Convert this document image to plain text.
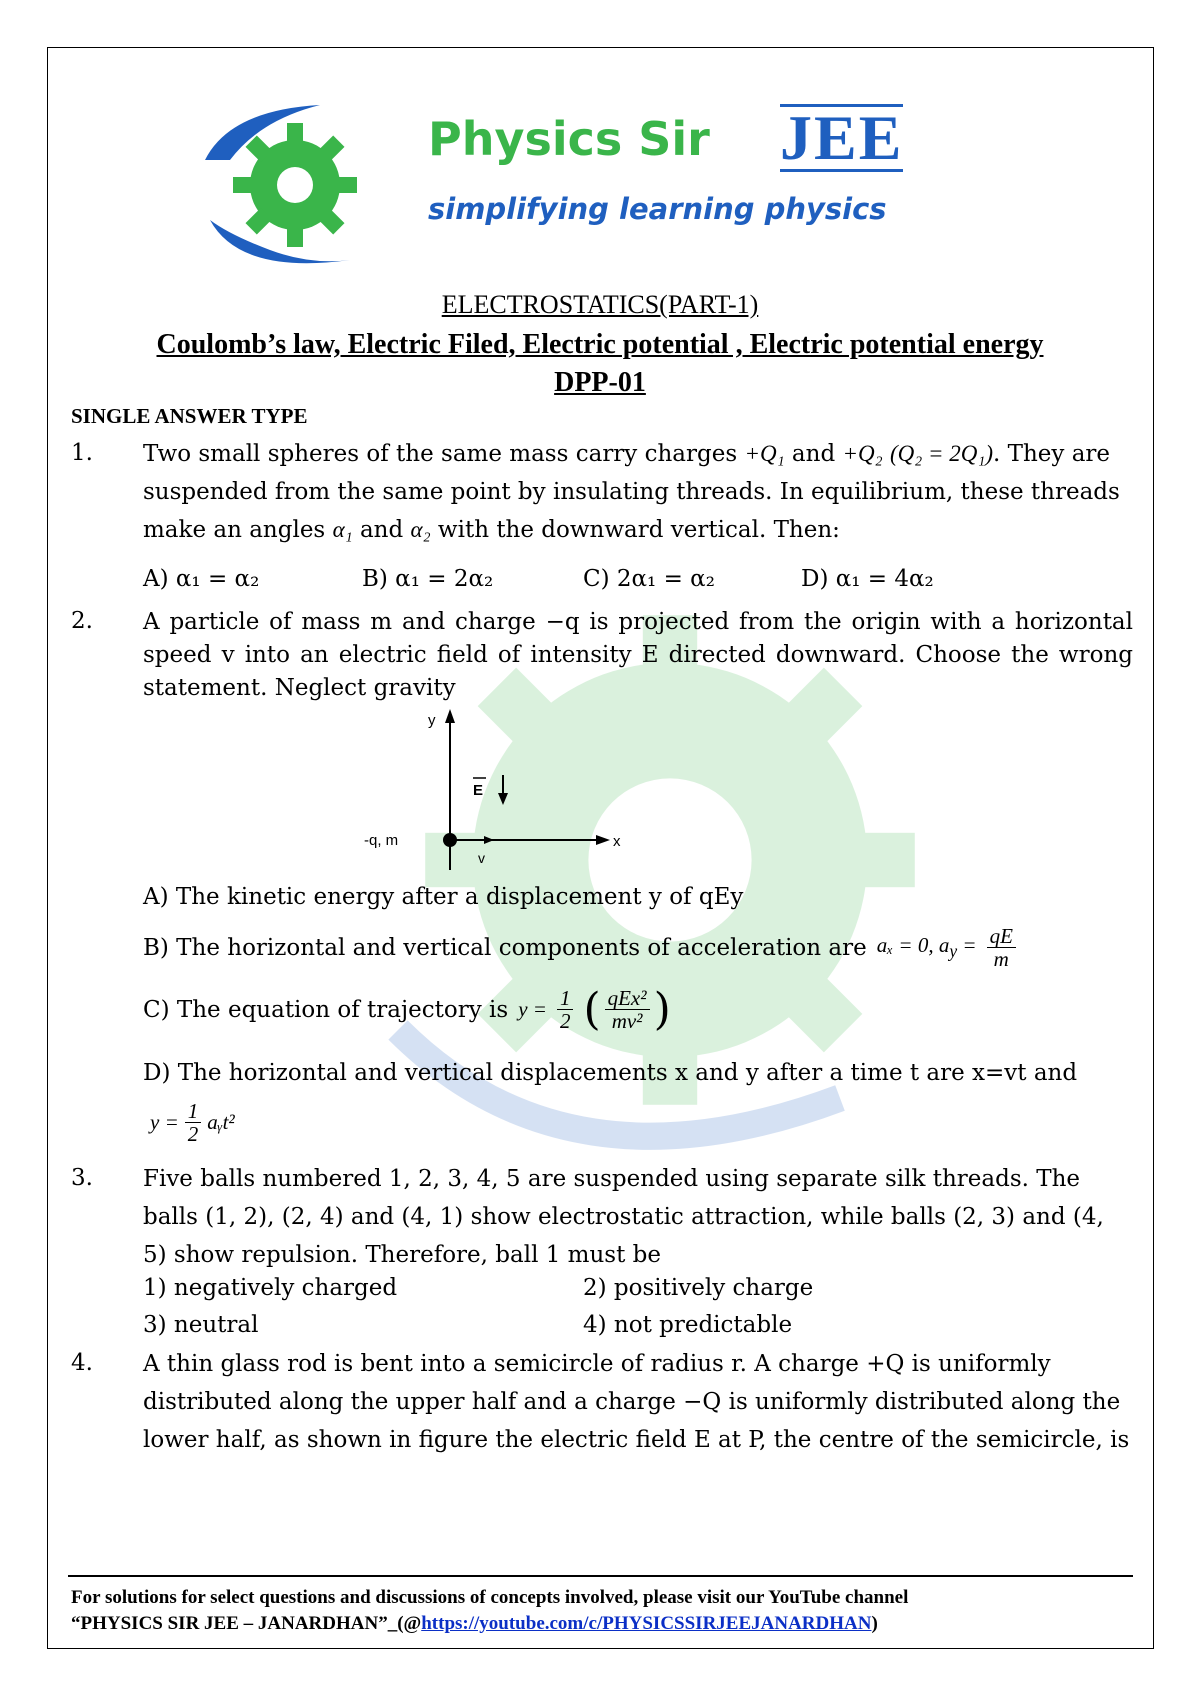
Physics Sir JEE
simplifying learning physics
ELECTROSTATICS(PART-1)
Coulomb’s law, Electric Filed, Electric potential , Electric potential energy
DPP-01
SINGLE ANSWER TYPE
1. Two small spheres of the same mass carry charges +Q₁ and +Q₂ (Q₂ = 2Q₁). They are
suspended from the same point by insulating threads. In equilibrium, these threads
make an angles α₁ and α₂ with the downward vertical. Then:
A) α₁ = α₂	B) α₁ = 2α₂	C) 2α₁ = α₂	D) α₁ = 4α₂
2. A particle of mass m and charge −q is projected from the origin with a horizontal speed v into an electric field of intensity E directed downward. Choose the wrong statement. Neglect gravity
y
x
-q, m
E
v
A) The kinetic energy after a displacement y of qEy
B) The horizontal and vertical components of acceleration are aₓ = 0, $a_y = \frac{qE}{m}$
C) The equation of trajectory is $y = \frac{1}{2}$ ( $\frac{\text{qEx²}}{\text{mv²}}$ )
D) The horizontal and vertical displacements x and y after a time t are x=vt and
$y = \frac{1}{2}$ aᵧt²
3. Five balls numbered 1, 2, 3, 4, 5 are suspended using separate silk threads. The balls (1, 2), (2, 4) and (4, 1) show electrostatic attraction, while balls (2, 3) and (4, 5) show repulsion. Therefore, ball 1 must be
1) negatively charged	2) positively charge
3) neutral	4) not predictable
4. A thin glass rod is bent into a semicircle of radius r. A charge +Q is uniformly distributed along the upper half and a charge −Q is uniformly distributed along the lower half, as shown in figure the electric field E at P, the centre of the semicircle, is
For solutions for select questions and discussions of concepts involved, please visit our YouTube channel
“PHYSICS SIR JEE – JANARDHAN”_(@https://youtube.com/c/PHYSICSSIRJEEJANARDHAN)
